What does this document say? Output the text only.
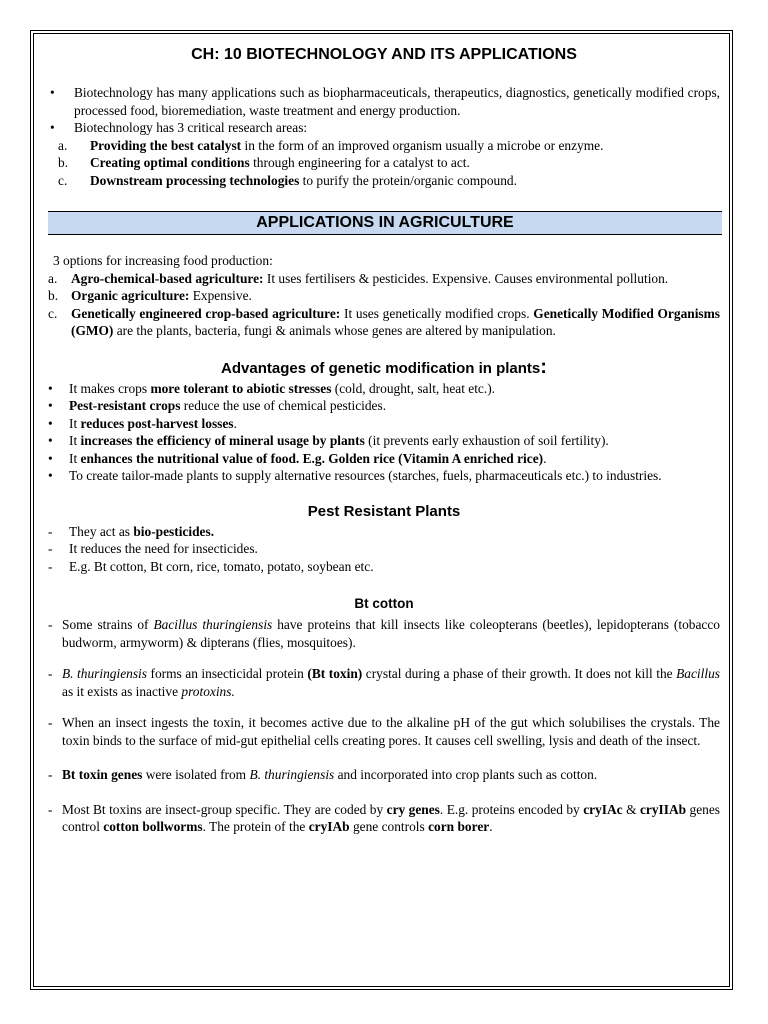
CH: 10 BIOTECHNOLOGY AND ITS APPLICATIONS
•	Biotechnology has many applications such as biopharmaceuticals, therapeutics, diagnostics, genetically modified crops, processed food, bioremediation, waste treatment and energy production.
•	Biotechnology has 3 critical research areas:
a.	Providing the best catalyst in the form of an improved organism usually a microbe or enzyme.
b.	Creating optimal conditions through engineering for a catalyst to act.
c.	Downstream processing technologies to purify the protein/organic compound.
APPLICATIONS IN AGRICULTURE
3 options for increasing food production:
a.	Agro-chemical-based agriculture: It uses fertilisers & pesticides. Expensive. Causes environmental pollution.
b. Organic agriculture: Expensive.
c.	Genetically engineered crop-based agriculture: It uses genetically modified crops. Genetically Modified Organisms (GMO) are the plants, bacteria, fungi & animals whose genes are altered by manipulation.
Advantages of genetic modification in plants:
•	It makes crops more tolerant to abiotic stresses (cold, drought, salt, heat etc.).
•	Pest-resistant crops reduce the use of chemical pesticides.
•	It reduces post-harvest losses.
•	It increases the efficiency of mineral usage by plants (it prevents early exhaustion of soil fertility).
•	It enhances the nutritional value of food. E.g. Golden rice (Vitamin A enriched rice).
•	To create tailor-made plants to supply alternative resources (starches, fuels, pharmaceuticals etc.) to industries.
Pest Resistant Plants
-	They act as bio-pesticides.
-	It reduces the need for insecticides.
-	E.g. Bt cotton, Bt corn, rice, tomato, potato, soybean etc.
Bt cotton
- Some strains of Bacillus thuringiensis have proteins that kill insects like coleopterans (beetles), lepidopterans (tobacco budworm, armyworm) & dipterans (flies, mosquitoes).
- B. thuringiensis forms an insecticidal protein (Bt toxin) crystal during a phase of their growth. It does not kill the Bacillus as it exists as inactive protoxins.
- When an insect ingests the toxin, it becomes active due to the alkaline pH of the gut which solubilises the crystals. The toxin binds to the surface of mid-gut epithelial cells creating pores. It causes cell swelling, lysis and death of the insect.
- Bt toxin genes were isolated from B. thuringiensis and incorporated into crop plants such as cotton.
- Most Bt toxins are insect-group specific. They are coded by cry genes. E.g. proteins encoded by cryIAc & cryIIAb genes control cotton bollworms. The protein of the cryIAb gene controls corn borer.
